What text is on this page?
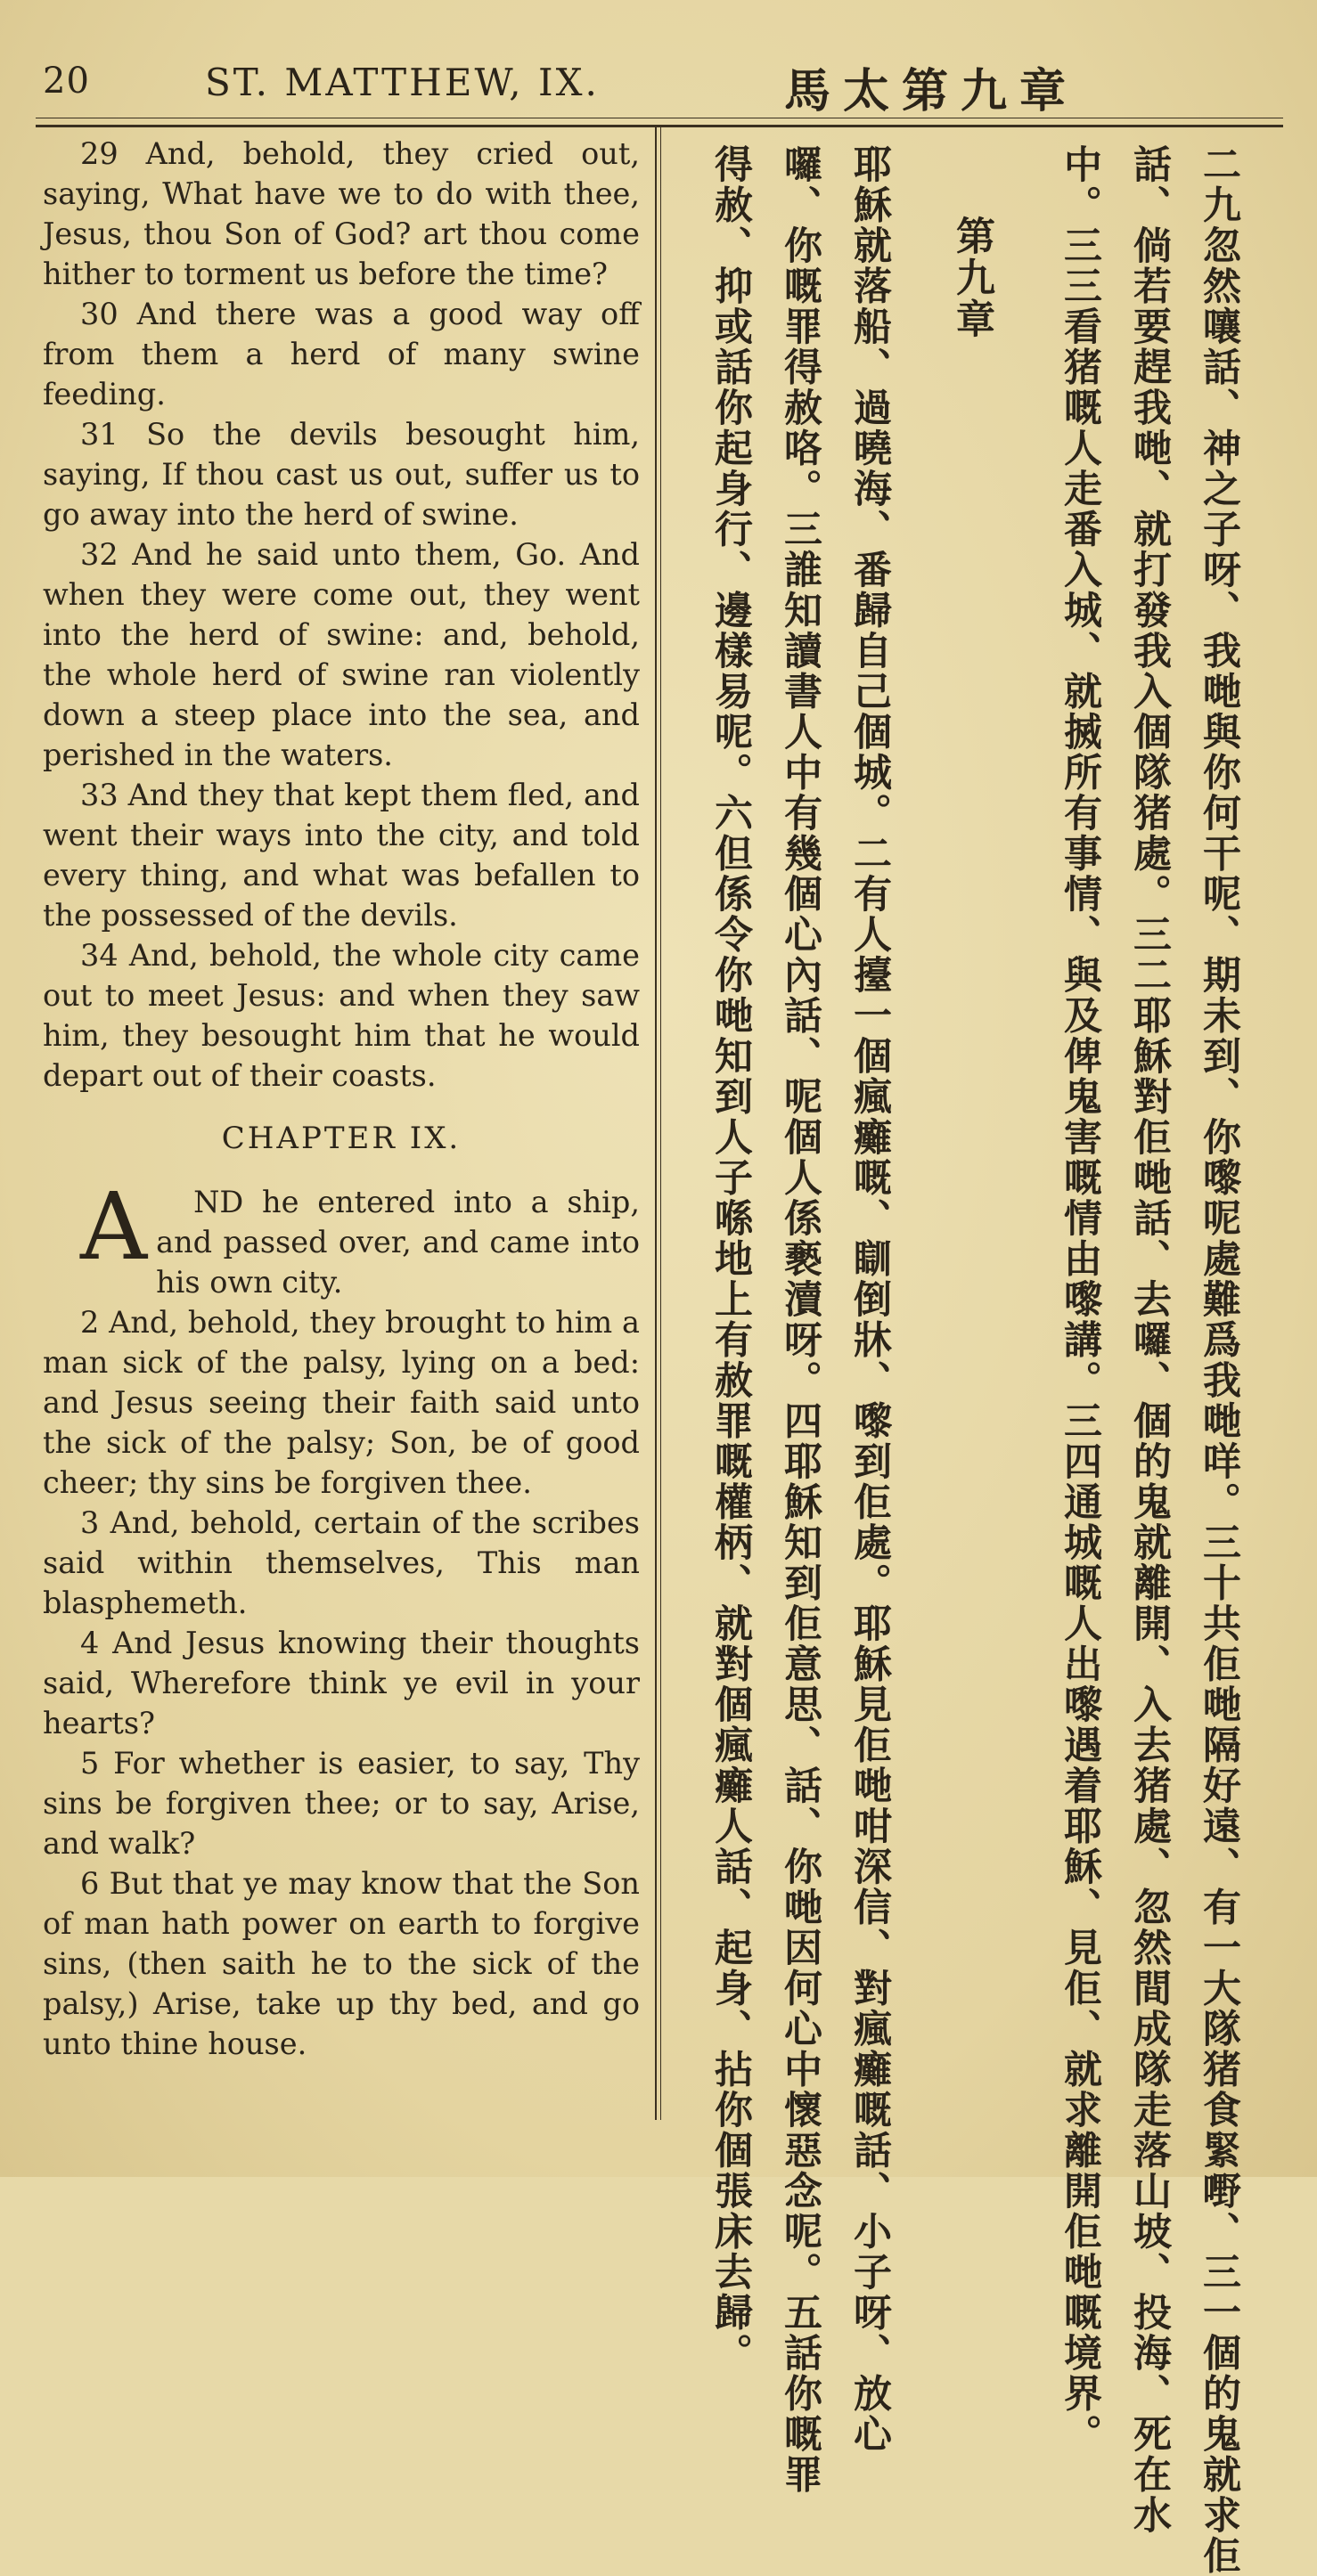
20	ST. MATTHEW, IX.	馬太第九章

29 And, behold, they cried out, saying, What have we to do with thee, Jesus, thou Son of God? art thou come hither to torment us before the time?

30 And there was a good way off from them a herd of many swine feeding.

31 So the devils besought him, saying, If thou cast us out, suffer us to go away into the herd of swine.

32 And he said unto them, Go. And when they were come out, they went into the herd of swine: and, behold, the whole herd of swine ran violently down a steep place into the sea, and perished in the waters.

33 And they that kept them fled, and went their ways into the city, and told every thing, and what was befallen to the possessed of the devils.

34 And, behold, the whole city came out to meet Jesus: and when they saw him, they besought him that he would depart out of their coasts.

CHAPTER IX.

A ND he entered into a ship, and passed over, and came into his own city.

2 And, behold, they brought to him a man sick of the palsy, lying on a bed: and Jesus seeing their faith said unto the sick of the palsy; Son, be of good cheer; thy sins be forgiven thee.

3 And, behold, certain of the scribes said within themselves, This man blasphemeth.

4 And Jesus knowing their thoughts said, Wherefore think ye evil in your hearts?

5 For whether is easier, to say, Thy sins be forgiven thee; or to say, Arise, and walk?

6 But that ye may know that the Son of man hath power on earth to forgive sins, (then saith he to the sick of the palsy,) Arise, take up thy bed, and go unto thine house.	二九忽然嚷話、神之子呀、我哋與你何干呢、期未到、你嚟呢處難爲我哋咩。三十共佢哋隔好遠、有一大隊猪食緊嘢、三一個的鬼就求佢
話、倘若要趕我哋、就打發我入個隊猪處。三二耶穌對佢哋話、去囉、個的鬼就離開、入去猪處、忽然間成隊走落山坡、投海、死在水
中。三三看猪嘅人走番入城、就搣所有事情、與及俾鬼害嘅情由嚟講。三四通城嘅人出嚟遇着耶穌、見佢、就求離開佢哋嘅境界。
第九章
耶穌就落船、過曉海、番歸自己個城。二有人擡一個瘋癱嘅、瞓倒牀、嚟到佢處。耶穌見佢哋咁深信、對瘋癱嘅話、小子呀、放心
囉、你嘅罪得赦咯。三誰知讀書人中有幾個心內話、呢個人係褻瀆呀。四耶穌知到佢意思、話、你哋因何心中懷惡念呢。五話你嘅罪
得赦、抑或話你起身行、邊樣易呢。六但係令你哋知到人子喺地上有赦罪嘅權柄、就對個瘋癱人話、起身、拈你個張床去歸。
